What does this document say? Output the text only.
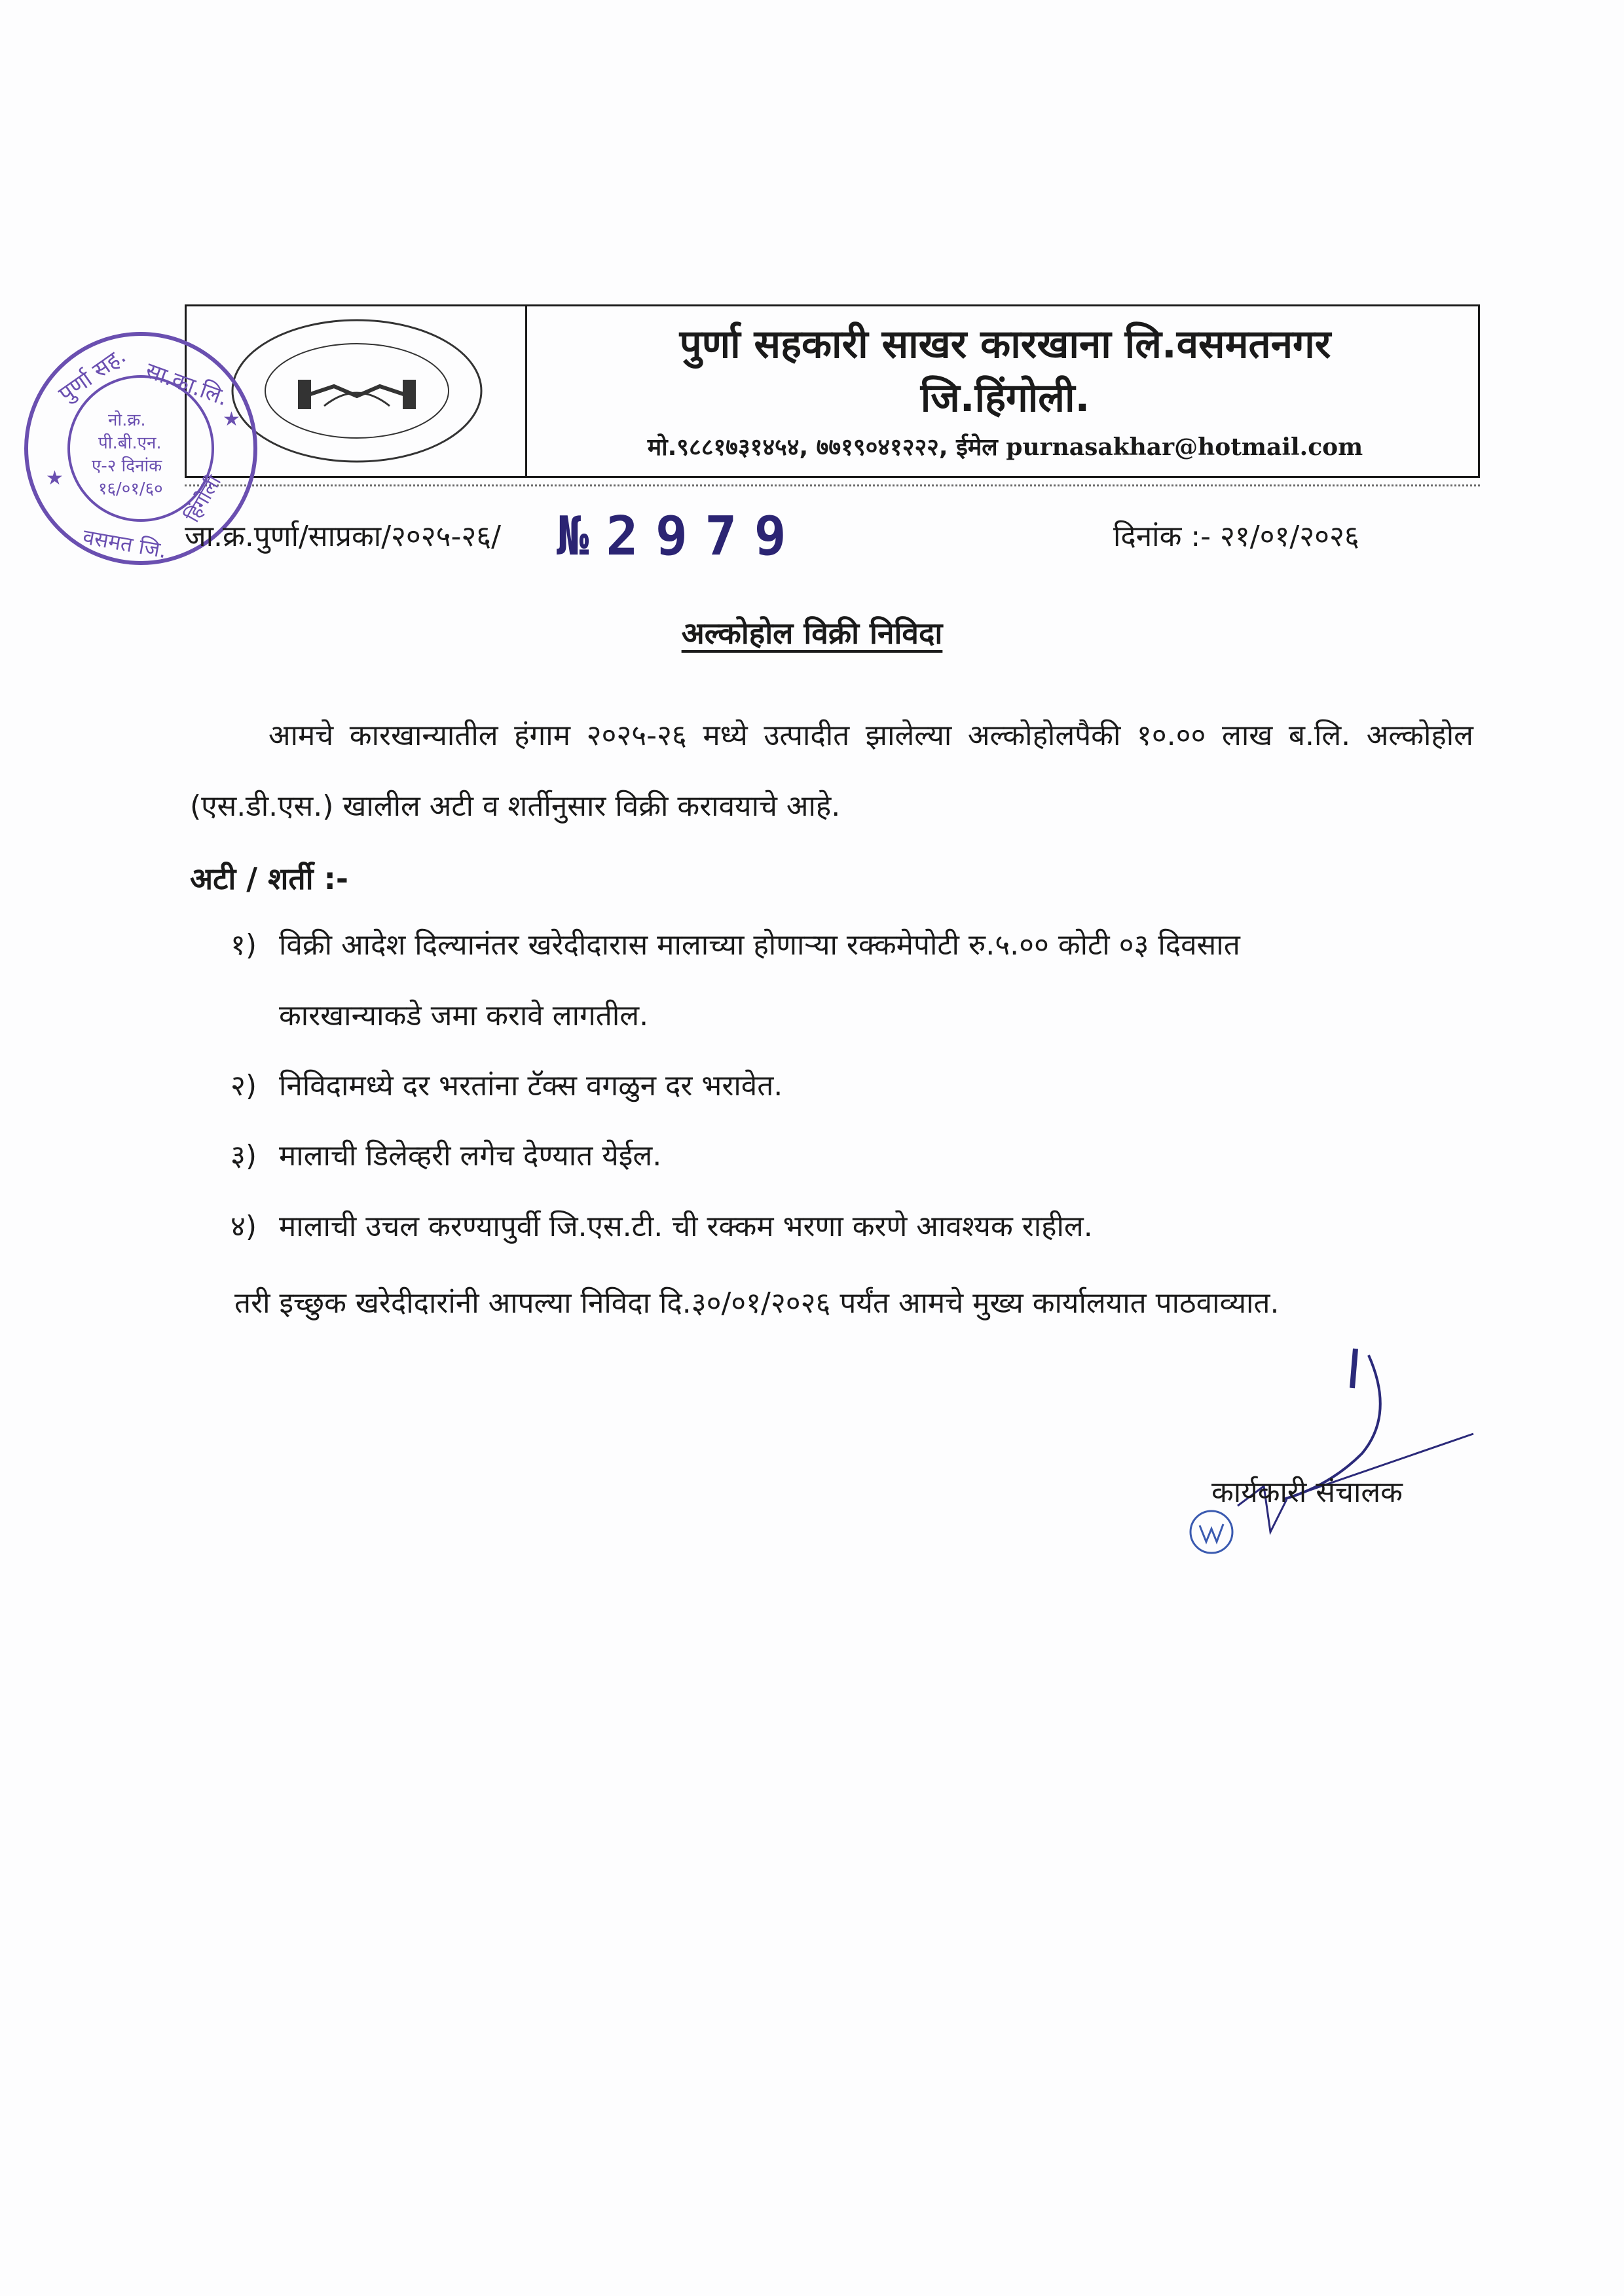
पुर्णा सहकारी साखर कारखाना लि.वसमतनगर
जि.हिंगोली.
मो.९८८१७३१४५४, ७७१९०४१२२२, ईमेल purnasakhar@hotmail.com
पुर्णा सह. सा.का.लि.
वसमत जि.
हिंगोली
नो.क्र.
पी.बी.एन.
ए-२ दिनांक
१६/०१/६०
★
★
जा.क्र.पुर्णा/साप्रका/२०२५-२६/ №2979	दिनांक :- २१/०१/२०२६
अल्कोहोल विक्री निविदा
आमचे कारखान्यातील हंगाम २०२५-२६ मध्ये उत्पादीत झालेल्या अल्कोहोलपैकी १०.०० लाख ब.लि. अल्कोहोल (एस.डी.एस.) खालील अटी व शर्तीनुसार विक्री करावयाचे आहे.
अटी / शर्ती :-
१) विक्री आदेश दिल्यानंतर खरेदीदारास मालाच्या होणाऱ्या रक्कमेपोटी रु.५.०० कोटी ०३ दिवसात
कारखान्याकडे जमा करावे लागतील.
२) निविदामध्ये दर भरतांना टॅक्स वगळुन दर भरावेत.
३) मालाची डिलेव्हरी लगेच देण्यात येईल.
४) मालाची उचल करण्यापुर्वी जि.एस.टी. ची रक्कम भरणा करणे आवश्यक राहील.
तरी इच्छुक खरेदीदारांनी आपल्या निविदा दि.३०/०१/२०२६ पर्यंत आमचे मुख्य कार्यालयात पाठवाव्यात.
कार्यकारी संचालक
